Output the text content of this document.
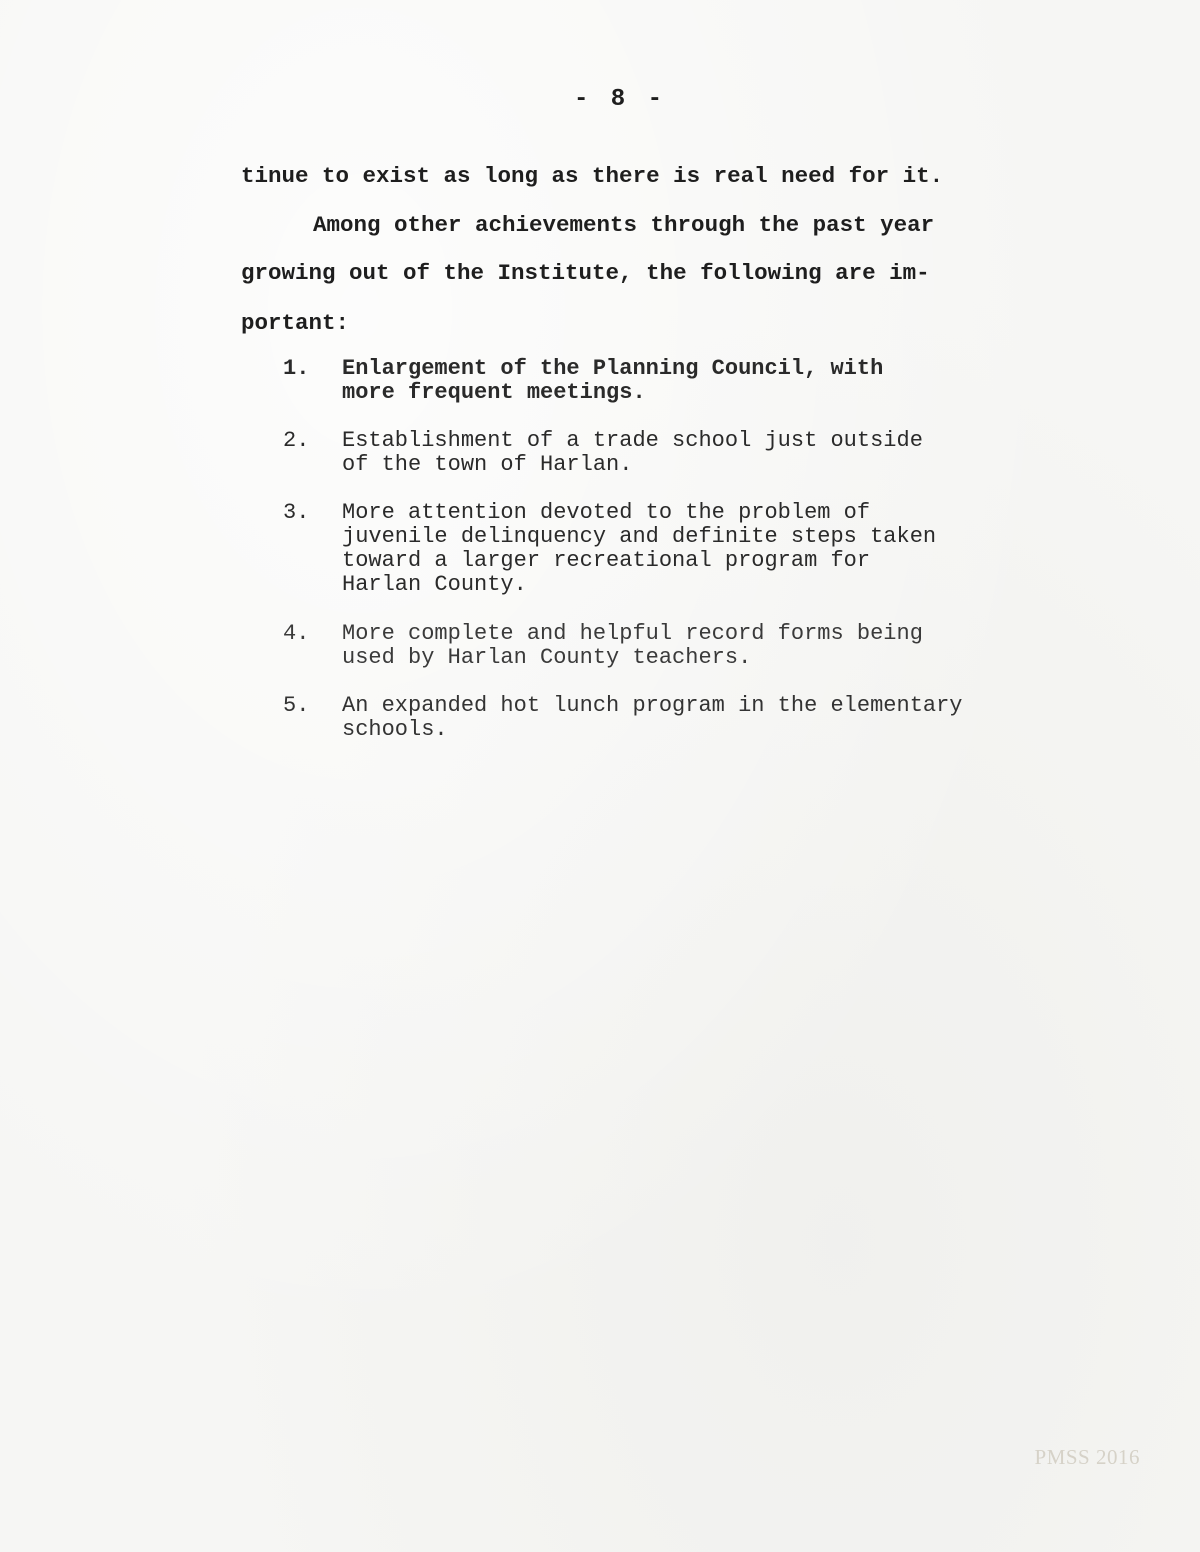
- 8 -
tinue to exist as long as there is real need for it.
Among other achievements through the past year
growing out of the Institute, the following are im-
portant:
1.	Enlargement of the Planning Council, with
more frequent meetings.
2.	Establishment of a trade school just outside
of the town of Harlan.
3.	More attention devoted to the problem of
juvenile delinquency and definite steps taken
toward a larger recreational program for
Harlan County.
4.	More complete and helpful record forms being
used by Harlan County teachers.
5.	An expanded hot lunch program in the elementary
schools.
PMSS 2016
